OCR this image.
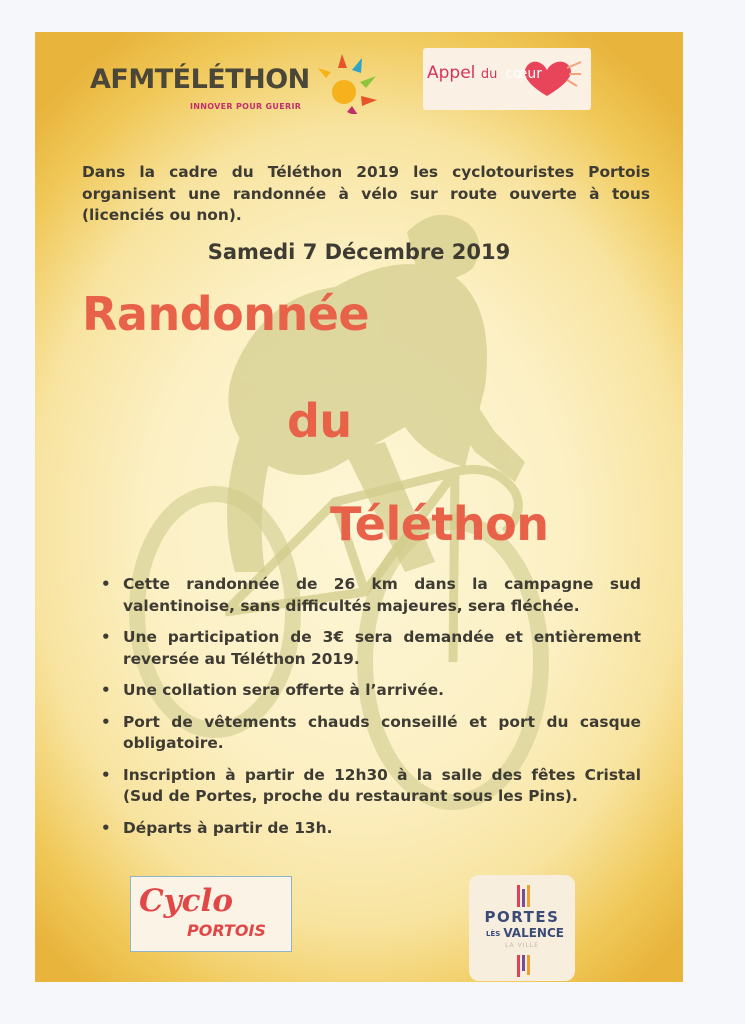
AFMTÉLÉTHON
INNOVER POUR GUERIR
Appel du cœur
Dans la cadre du Téléthon 2019 les cyclotouristes Portois organisent une randonnée à vélo sur route ouverte à tous (licenciés ou non).
Samedi 7 Décembre 2019
Randonnée
du
Téléthon
• Cette randonnée de 26 km dans la campagne sud valentinoise, sans difficultés majeures, sera fléchée.
• Une participation de 3€ sera demandée et entièrement reversée au Téléthon 2019.
• Une collation sera offerte à l’arrivée.
• Port de vêtements chauds conseillé et port du casque obligatoire.
• Inscription à partir de 12h30 à la salle des fêtes Cristal (Sud de Portes, proche du restaurant sous les Pins).
• Départs à partir de 13h.
Cyclo
PORTOIS
PORTES
LÈS VALENCE
LA VILLE
